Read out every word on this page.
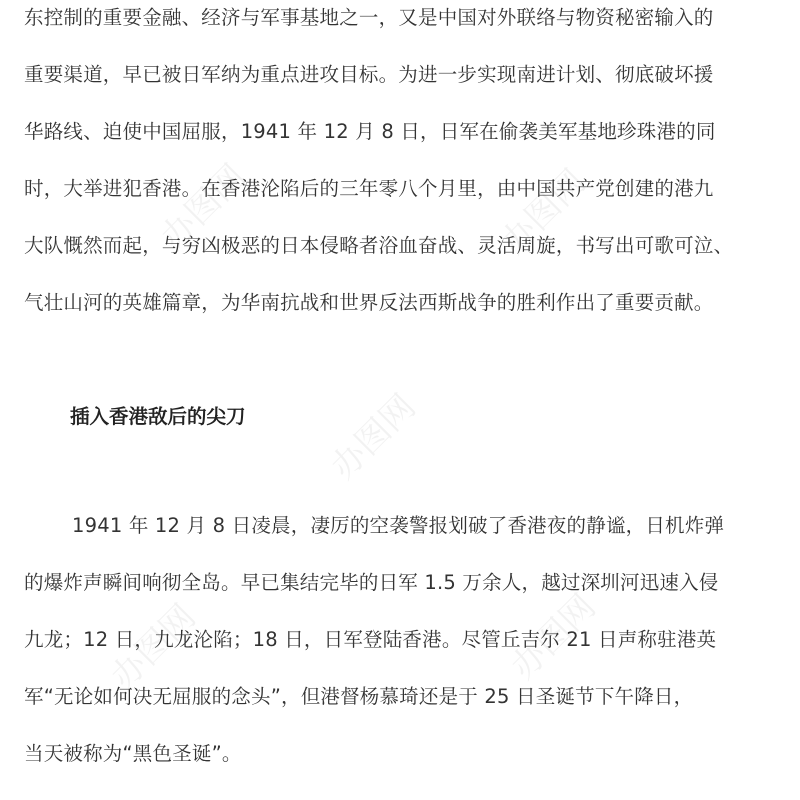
办图网	办图网
办图网
办图网	办图网
东控制的重要金融、经济与军事基地之一，又是中国对外联络与物资秘密输入的
重要渠道，早已被日军纳为重点进攻目标。为进一步实现南进计划、彻底破坏援
华路线、迫使中国屈服，1941 年 12 月 8 日，日军在偷袭美军基地珍珠港的同
时，大举进犯香港。在香港沦陷后的三年零八个月里，由中国共产党创建的港九
大队慨然而起，与穷凶极恶的日本侵略者浴血奋战、灵活周旋，书写出可歌可泣、
气壮山河的英雄篇章，为华南抗战和世界反法西斯战争的胜利作出了重要贡献。
插入香港敌后的尖刀
1941 年 12 月 8 日凌晨，凄厉的空袭警报划破了香港夜的静谧，日机炸弹
的爆炸声瞬间响彻全岛。早已集结完毕的日军 1.5 万余人，越过深圳河迅速入侵
九龙；12 日，九龙沦陷；18 日，日军登陆香港。尽管丘吉尔 21 日声称驻港英
军“无论如何决无屈服的念头”，但港督杨慕琦还是于 25 日圣诞节下午降日，
当天被称为“黑色圣诞”。
